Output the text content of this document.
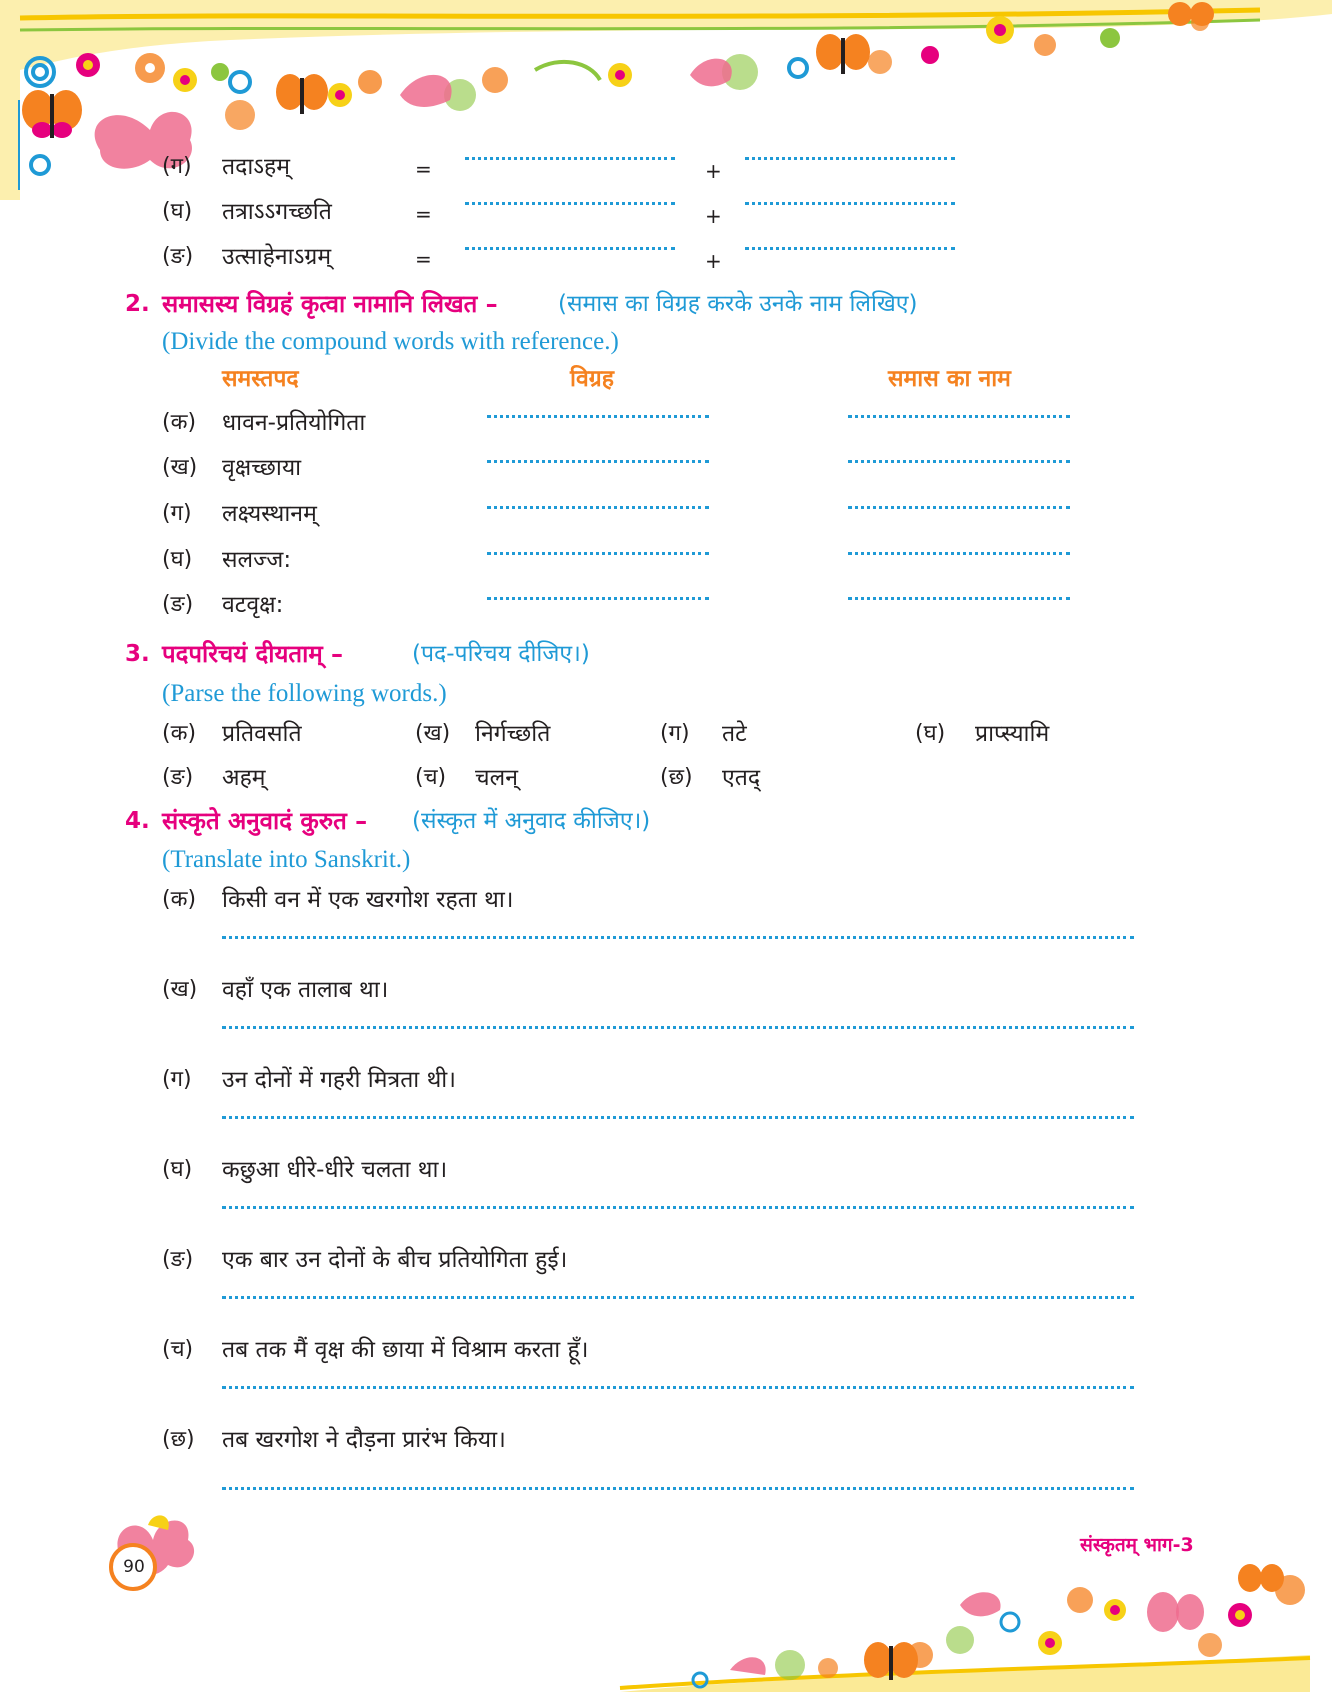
(ग) तदाऽहम्	=	+
(घ) तत्राऽऽगच्छति	=	+
(ङ) उत्साहेनाऽग्रम्	=	+
2. समासस्य विग्रहं कृत्वा नामानि लिखत –	(समास का विग्रह करके उनके नाम लिखिए)
(Divide the compound words with reference.)
समस्तपद	विग्रह	समास का नाम
(क) धावन-प्रतियोगिता
(ख) वृक्षच्छाया
(ग) लक्ष्यस्थानम्
(घ) सलज्ज:
(ङ) वटवृक्ष:
3. पदपरिचयं दीयताम् –	(पद-परिचय दीजिए।)
(Parse the following words.)
(क) प्रतिवसति	(ख) निर्गच्छति	(ग) तटे	(घ) प्राप्स्यामि
(ङ) अहम्	(च) चलन्	(छ) एतद्
4. संस्कृते अनुवादं कुरुत – (संस्कृत में अनुवाद कीजिए।)
(Translate into Sanskrit.)
(क) किसी वन में एक खरगोश रहता था।
(ख) वहाँ एक तालाब था।
(ग) उन दोनों में गहरी मित्रता थी।
(घ) कछुआ धीरे-धीरे चलता था।
(ङ) एक बार उन दोनों के बीच प्रतियोगिता हुई।
(च) तब तक मैं वृक्ष की छाया में विश्राम करता हूँ।
(छ) तब खरगोश ने दौड़ना प्रारंभ किया।
90
संस्कृतम् भाग-3
